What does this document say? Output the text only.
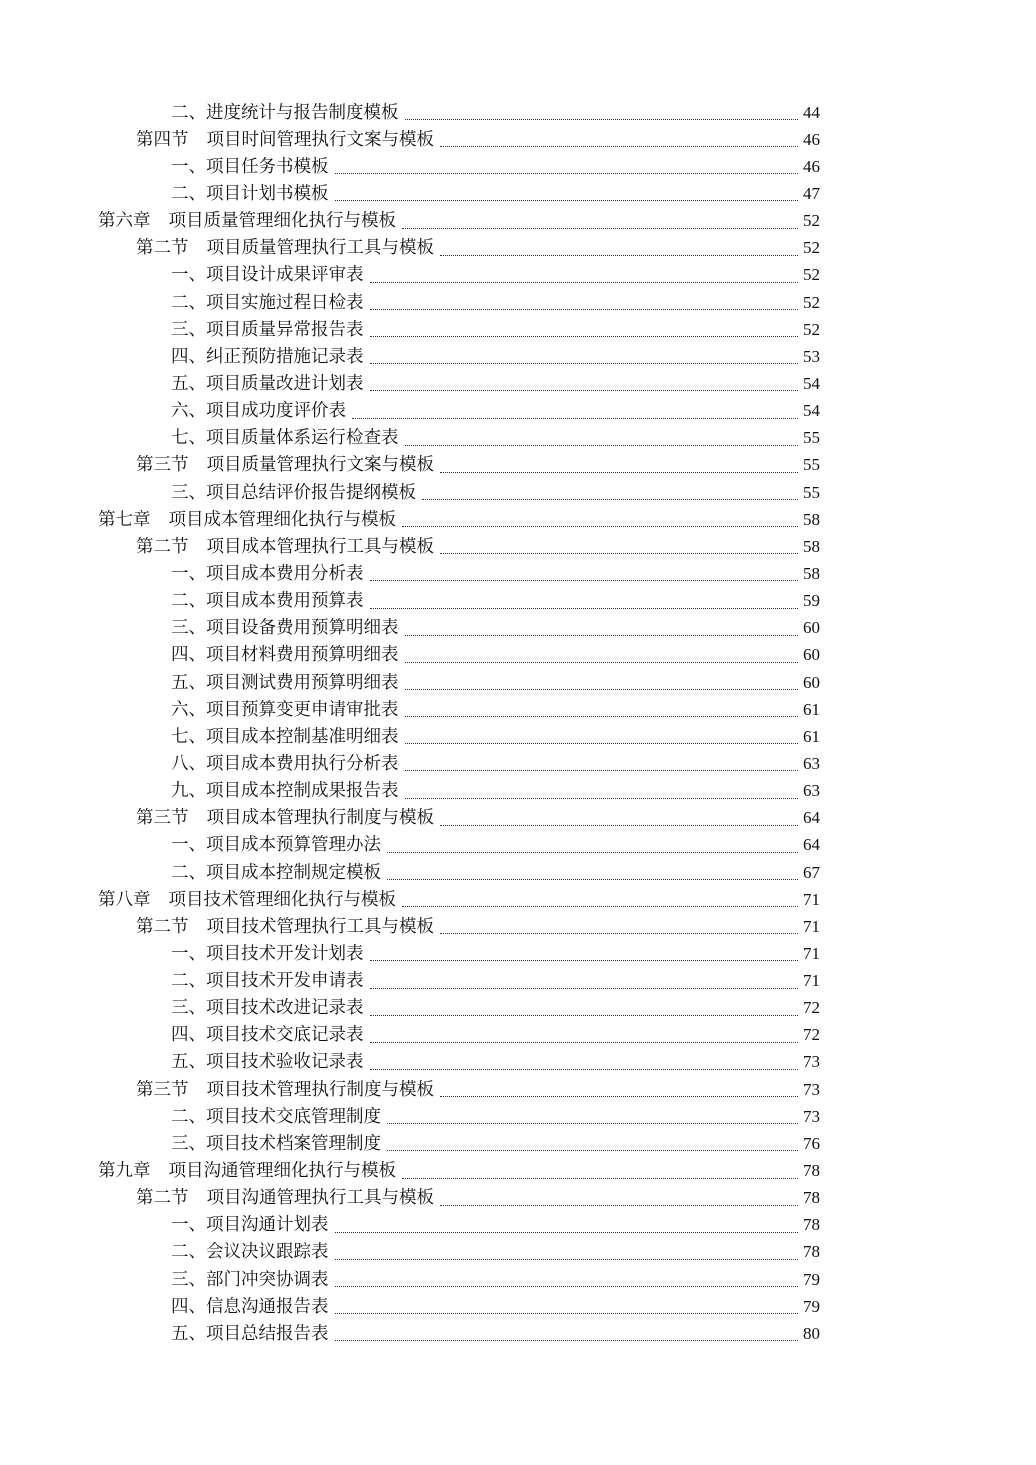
二、进度统计与报告制度模板	44
第四节 项目时间管理执行文案与模板	46
一、项目任务书模板	46
二、项目计划书模板	47
第六章 项目质量管理细化执行与模板	52
第二节 项目质量管理执行工具与模板	52
一、项目设计成果评审表	52
二、项目实施过程日检表	52
三、项目质量异常报告表	52
四、纠正预防措施记录表	53
五、项目质量改进计划表	54
六、项目成功度评价表	54
七、项目质量体系运行检查表	55
第三节 项目质量管理执行文案与模板	55
三、项目总结评价报告提纲模板	55
第七章 项目成本管理细化执行与模板	58
第二节 项目成本管理执行工具与模板	58
一、项目成本费用分析表	58
二、项目成本费用预算表	59
三、项目设备费用预算明细表	60
四、项目材料费用预算明细表	60
五、项目测试费用预算明细表	60
六、项目预算变更申请审批表	61
七、项目成本控制基准明细表	61
八、项目成本费用执行分析表	63
九、项目成本控制成果报告表	63
第三节 项目成本管理执行制度与模板	64
一、项目成本预算管理办法	64
二、项目成本控制规定模板	67
第八章 项目技术管理细化执行与模板	71
第二节 项目技术管理执行工具与模板	71
一、项目技术开发计划表	71
二、项目技术开发申请表	71
三、项目技术改进记录表	72
四、项目技术交底记录表	72
五、项目技术验收记录表	73
第三节 项目技术管理执行制度与模板	73
二、项目技术交底管理制度	73
三、项目技术档案管理制度	76
第九章 项目沟通管理细化执行与模板	78
第二节 项目沟通管理执行工具与模板	78
一、项目沟通计划表	78
二、会议决议跟踪表	78
三、部门冲突协调表	79
四、信息沟通报告表	79
五、项目总结报告表	80
